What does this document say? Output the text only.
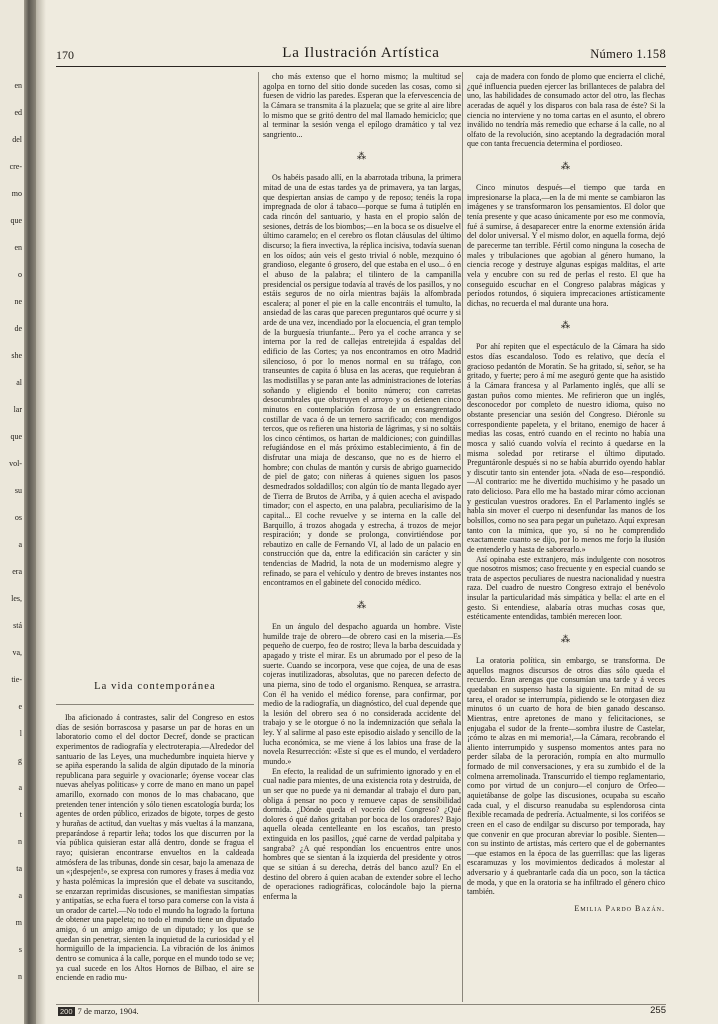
en
ed
del
cre-
mo
que
en
o
ne
de
she
al
lar
que
vol-
su
os
a
era
les,
stá
va,
tie-
e
l
g
a
t
n
ta
a
m
s
n
170	La Ilustración Artística	Número 1.158
La vida contemporánea

Iba aficionado á contrastes, salir del Congreso en estos días de sesión borrascosa y pasarse un par de horas en un laboratorio como el del doctor Decref, donde se practican experimentos de radiografía y electroterapia.—Alrededor del santuario de las Leyes, una muchedumbre inquieta hierve y se apiña esperando la salida de algún diputado de la minoría republicana para seguirle y ovacionarle; óyense vocear clas nuevas ahelyas politicas» y corre de mano en mano un papel amarillo, exornado con monos de lo mas chabacano, que pretenden tener intención y sólo tienen escatología burda; los agentes de orden público, erizados de bigote, torpes de gesto y hurañas de actitud, dan vueltas y más vueltas á la manzana, preparándose á repartir leña; todos los que discurren por la vía pública quisieran estar allá dentro, donde se fragua el rayo; quisieran encontrarse envueltos en la caldeada atmósfera de las tribunas, donde sin cesar, bajo la amenaza de un «¡despejen!», se expresa con rumores y frases á media voz y hasta polémicas la impresión que el debate va suscitando, se enzarzan reprimidas discusiones, se manifiestan simpatías y antipatías, se echa fuera el torso para comerse con la vista á un orador de cartel.—No todo el mundo ha logrado la fortuna de obtener una papeleta; no todo el mundo tiene un diputado amigo, ó un amigo amigo de un diputado; y los que se quedan sin penetrar, sienten la inquietud de la curiosidad y el hormiguillo de la impaciencia. La vibración de los ánimos dentro se comunica á la calle, porque en el mundo todo se ve; ya cual sucede en los Altos Hornos de Bilbao, el aire se enciende en radio mu-

cho más extenso que el horno mismo; la multitud se agolpa en torno del sitio donde suceden las cosas, como si fuesen de vidrio las paredes. Esperan que la efervescencia de la Cámara se transmita á la plazuela; que se grite al aire libre lo mismo que se gritó dentro del mal llamado hemiciclo; que al terminar la sesión venga el epílogo dramático y tal vez sangriento...

⁂

Os habéis pasado allí, en la abarrotada tribuna, la primera mitad de una de estas tardes ya de primavera, ya tan largas, que despiertan ansias de campo y de reposo; tenéis la ropa impregnada de olor á tabaco—porque se fuma á tutiplén en cada rincón del santuario, y hasta en el propio salón de sesiones, detrás de los biombos;—en la boca se os disuelve el último caramelo; en el cerebro os flotan cláusulas del último discurso; la fiera invectiva, la réplica incisiva, todavía suenan en los oídos; aún veis el gesto trivial ó noble, mezquino ó grandioso, elegante ó grosero, del que estaba en el uso... ó en el abuso de la palabra; el tilintero de la campanilla presidencial os persigue todavía al través de los pasillos, y no estáis seguros de no oírla mientras bajáis la alfombrada escalera; al poner el pie en la calle encontráis el tumulto, la ansiedad de las caras que parecen preguntaros qué ocurre y si arde de una vez, incendiado por la elocuencia, el gran templo de la burguesía triunfante... Pero ya el coche arranca y se interna por la red de callejas entretejida á espaldas del edificio de las Cortes; ya nos encontramos en otro Madrid silencioso, ó por lo menos normal en su tráfago, con transeuntes de capita ó blusa en las aceras, que requiebran á las modistillas y se paran ante las administraciones de loterías soñando y eligiendo el bonito número; con carretas desocumbrales que obstruyen el arroyo y os detienen cinco minutos en contemplación forzosa de un ensangrentado costillar de vaca ó de un ternero sacrificado; con mendigos tercos, que os refieren una historia de lágrimas, y si no soltáis los cinco céntimos, os hartan de maldiciones; con guindillas refugiándose en el más próximo establecimiento, á fin de disfrutar una miaja de descanso, que no es de hierro el hombre; con chulas de mantón y cursis de abrigo guarnecido de piel de gato; con niñeras á quienes siguen los pasos desmedrados soldadillos; con algún tío de manta llegado ayer de Tierra de Brutos de Arriba, y á quien acecha el avispado timador; con el aspecto, en una palabra, peculiarísimo de la capital... El coche revuelve y se interna en la calle del Barquillo, á trozos ahogada y estrecha, á trozos de mejor respiración; y donde se prolonga, convirtiéndose por rebautizo en calle de Fernando VI, al lado de un palacio en construcción que da, entre la edificación sin carácter y sin tendencias de Madrid, la nota de un modernismo alegre y refinado, se para el vehículo y dentro de breves instantes nos encontramos en el gabinete del conocido médico.

⁂

En un ángulo del despacho aguarda un hombre. Viste humilde traje de obrero—de obrero casi en la miseria.—Es pequeño de cuerpo, feo de rostro; lleva la barba descuidada y apagado y triste el mirar. Es un abrumado por el peso de la suerte. Cuando se incorpora, vese que cojea, de una de esas cojeras inutilizadoras, absolutas, que no parecen defecto de una pierna, sino de todo el organismo. Renquea, se arrastra. Con él ha venido el médico forense, para confirmar, por medio de la radiografía, un diagnóstico, del cual depende que la lesión del obrero sea ó no considerada accidente del trabajo y se le otorgue ó no la indemnización que señala la ley. Y al salirme al paso este episodio aislado y sencillo de la lucha económica, se me viene á los labios una frase de la novela Resurrección: «Este sí que es el mundo, el verdadero mundo.»

En efecto, la realidad de un sufrimiento ignorado y en el cual nadie para mientes, de una existencia rota y destruida, de un ser que no puede ya ni demandar al trabajo el duro pan, obliga á pensar no poco y remueve capas de sensibilidad dormida. ¿Dónde queda el vocerío del Congreso? ¿Qué dolores ó qué daños gritaban por boca de los oradores? Bajo aquella oleada centelleante en los escaños, tan presto extinguida en los pasillos, ¿qué carne de verdad palpitaba y sangraba? ¿A qué respondían los encuentros entre unos hombres que se sientan á la izquierda del presidente y otros que se sitúan á su derecha, detrás del banco azul? En el destino del obrero á quien acaban de extender sobre el lecho de operaciones radiográficas, colocándole bajo la pierna enferma la

caja de madera con fondo de plomo que encierra el cliché, ¿qué influencia pueden ejercer las brillanteces de palabra del uno, las habilidades de consumado actor del otro, las flechas aceradas de aquél y los disparos con bala rasa de éste? Si la ciencia no interviene y no toma cartas en el asunto, el obrero inválido no tendría más remedio que echarse á la calle, no al olfato de la revolución, sino aceptando la degradación moral que con tanta frecuencia determina el pordioseo.

⁂

Cinco minutos después—el tiempo que tarda en impresionarse la placa,—en la de mi mente se cambiaron las imágenes y se transformaron los pensamientos. El dolor que tenía presente y que acaso únicamente por eso me conmovía, fué á sumirse, á desaparecer entre la enorme extensión árida del dolor universal. Y el mismo dolor, en aquella forma, dejó de parecerme tan terrible. Fértil como ninguna la cosecha de males y tribulaciones que agobian al género humano, la ciencia recoge y destruye algunas espigas malditas, el arte vela y encubre con su red de perlas el resto. El que ha conseguido escuchar en el Congreso palabras mágicas y períodos rotundos, ó siquiera imprecaciones artísticamente dichas, no recuerda el mal durante una hora.

⁂

Por ahí repiten que el espectáculo de la Cámara ha sido estos días escandaloso. Todo es relativo, que decía el gracioso pedantón de Moratín. Se ha gritado, sí, señor, se ha gritado, y fuerte; pero á mí me aseguró gente que ha asistido á la Cámara francesa y al Parlamento inglés, que allí se gastan puños como mientes. Me refirieron que un inglés, desconocedor por completo de nuestro idioma, quiso no obstante presenciar una sesión del Congreso. Diéronle su correspondiente papeleta, y el britano, enemigo de hacer á medias las cosas, entró cuando en el recinto no había una mosca y salió cuando volvía el recinto á quedarse en la misma soledad por retirarse el último diputado. Preguntáronle después si no se había aburrido oyendo hablar y discutir tanto sin entender jota. «Nada de eso—respondió.—Al contrario: me he divertido muchísimo y he pasado un rato delicioso. Para ello me ha bastado mirar cómo accionan y gesticulan vuestros oradores. En el Parlamento inglés se habla sin mover el cuerpo ni desenfundar las manos de los bolsillos, como no sea para pegar un puñetazo. Aquí expresan tanto con la mímica, que yo, sí no he comprendido exactamente cuanto se dijo, por lo menos me forjo la ilusión de entenderlo y hasta de saborearlo.»

Así opinaba este extranjero, más indulgente con nosotros que nosotros mismos; caso frecuente y en especial cuando se trata de aspectos peculiares de nuestra nacionalidad y nuestra raza. Del cuadro de nuestro Congreso extrajo el benévolo insular la particularidad más simpática y bella: el arte en el gesto. Si entendiese, alabaría otras muchas cosas que, estéticamente entendidas, también merecen loor.

⁂

La oratoria política, sin embargo, se transforma. De aquellos magnos discursos de otros días sólo queda el recuerdo. Eran arengas que consumían una tarde y á veces quedaban en suspenso hasta la siguiente. En mitad de su tarea, el orador se interrumpía, pidiendo se le otorgasen diez minutos ó un cuarto de hora de bien ganado descanso. Mientras, entre apretones de mano y felicitaciones, se enjugaba el sudor de la frente—sombra ilustre de Castelar, ¡cómo te alzas en mi memoria!,—la Cámara, recobrando el aliento interrumpido y suspenso momentos antes para no perder sílaba de la peroración, rompía en alto murmullo formado de mil conversaciones, y era su zumbido el de la colmena arremolinada. Transcurrido el tiempo reglamentario, como por virtud de un conjuro—el conjuro de Orfeo—aquietábanse de golpe las discusiones, ocupaba su escaño cada cual, y el discurso reanudaba su esplendorosa cinta flexible recamada de pedrería. Actualmente, si los coriféos se creen en el caso de endilgar su discurso por temporada, hay que convenir en que procuran abreviar lo posible. Sienten—con su instinto de artistas, más certero que el de gobernantes—que estamos en la época de las guerrillas: que las ligeras escaramuzas y los movimientos dedicados á molestar al adversario y á quebrantarle cada día un poco, son la táctica de moda, y que en la oratoria se ha infiltrado el género chico también.

Emilia Pardo Bazán.
200 7 de marzo, 1904.	255
